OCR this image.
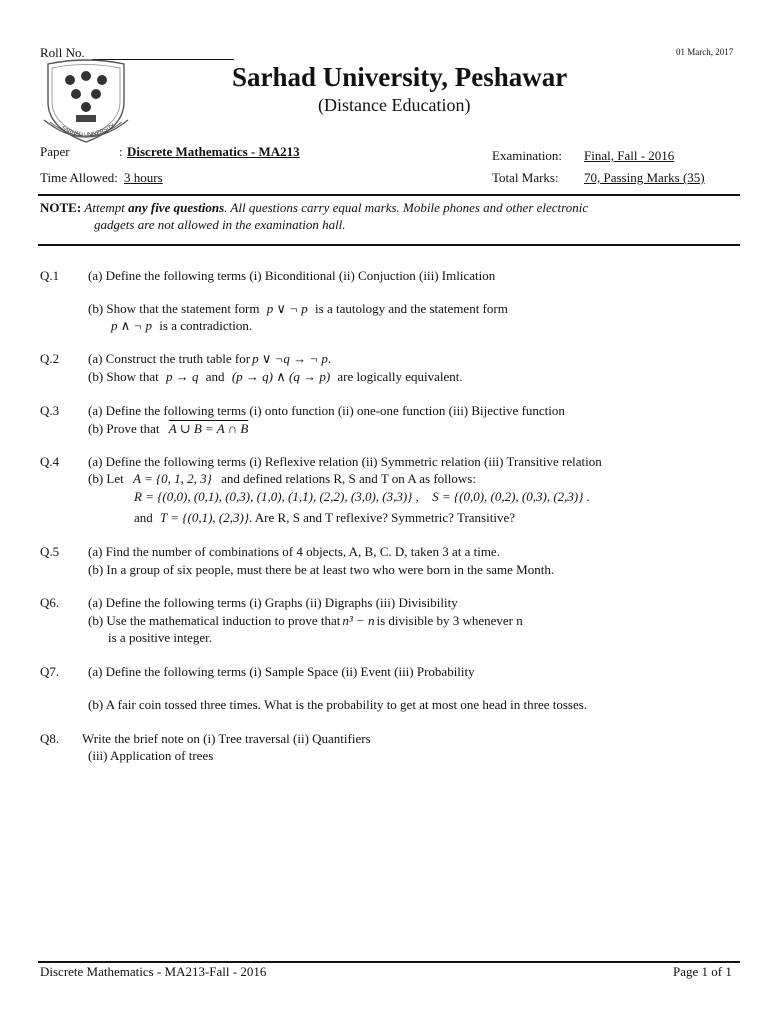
Roll No.	01 March, 2017
SARHAD UNIVERSITY
Sarhad University, Peshawar
(Distance Education)
Paper	: Discrete Mathematics - MA213
Time Allowed: 3 hours
Examination: Final, Fall - 2016
Total Marks: 70, Passing Marks (35)
NOTE: Attempt any five questions. All questions carry equal marks. Mobile phones and other electronic
gadgets are not allowed in the examination hall.
Q.1 (a) Define the following terms (i) Biconditional (ii) Conjuction (iii) Imlication
(b) Show that the statement form p ∨ ¬ p is a tautology and the statement form
p ∧ ¬ p is a contradiction.
Q.2 (a) Construct the truth table for p ∨ ¬q → ¬ p.
(b) Show that p → q and (p → q) ∧ (q → p) are logically equivalent.
Q.3 (a) Define the following terms (i) onto function (ii) one-one function (iii) Bijective function
(b) Prove that A ∪ B = A ∩ B
Q.4 (a) Define the following terms (i) Reflexive relation (ii) Symmetric relation (iii) Transitive relation
(b) Let A = {0, 1, 2, 3} and defined relations R, S and T on A as follows:
R = {(0,0), (0,1), (0,3), (1,0), (1,1), (2,2), (3,0), (3,3)} , S = {(0,0), (0,2), (0,3), (2,3)} .
and T = {(0,1), (2,3)}. Are R, S and T reflexive? Symmetric? Transitive?
Q.5 (a) Find the number of combinations of 4 objects, A, B, C. D, taken 3 at a time.
(b) In a group of six people, must there be at least two who were born in the same Month.
Q6. (a) Define the following terms (i) Graphs (ii) Digraphs (iii) Divisibility
(b) Use the mathematical induction to prove that n³ − n is divisible by 3 whenever n
is a positive integer.
Q7. (a) Define the following terms (i) Sample Space (ii) Event (iii) Probability
(b) A fair coin tossed three times. What is the probability to get at most one head in three tosses.
Q8. Write the brief note on (i) Tree traversal (ii) Quantifiers
(iii) Application of trees
Discrete Mathematics - MA213-Fall - 2016	Page 1 of 1
